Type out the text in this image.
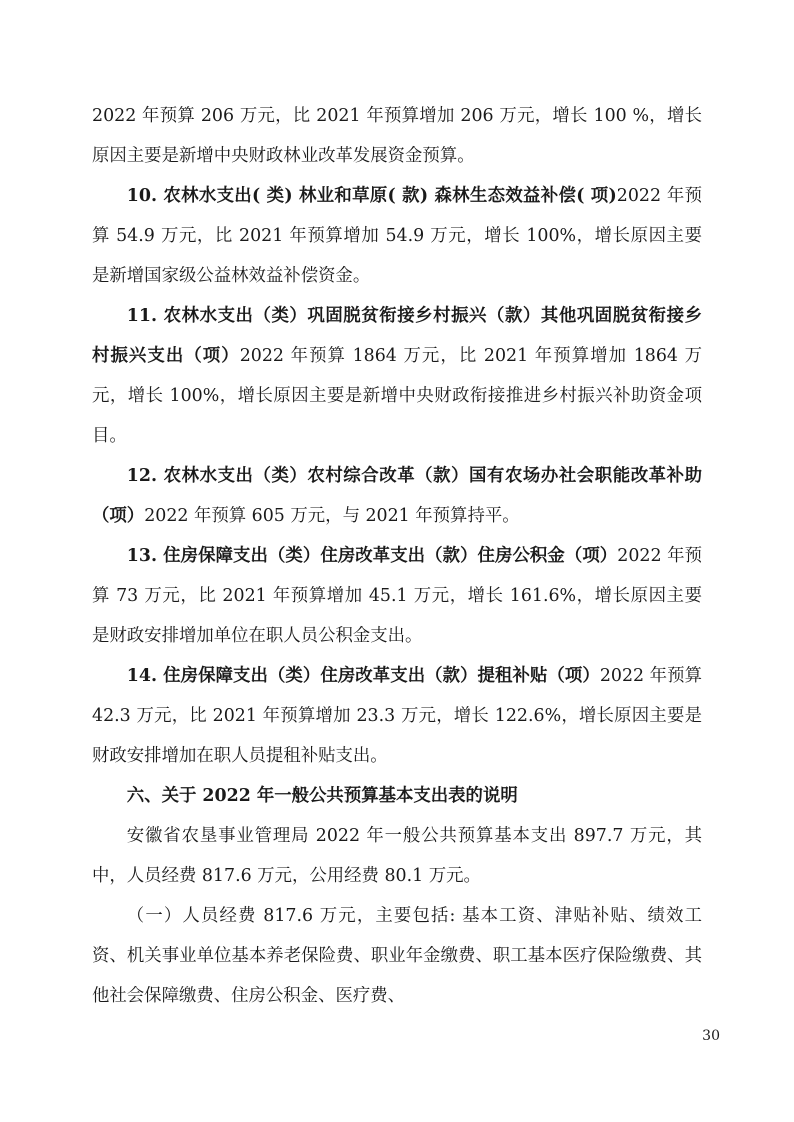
2022 年预算 206 万元，比 2021 年预算增加 206 万元，增长 100 %，增长原因主要是新增中央财政林业改革发展资金预算。

10. 农林水支出( 类) 林业和草原( 款) 森林生态效益补偿( 项)2022 年预算 54.9 万元，比 2021 年预算增加 54.9 万元，增长 100%，增长原因主要是新增国家级公益林效益补偿资金。

11. 农林水支出（类）巩固脱贫衔接乡村振兴（款）其他巩固脱贫衔接乡村振兴支出（项）2022 年预算 1864 万元，比 2021 年预算增加 1864 万元，增长 100%，增长原因主要是新增中央财政衔接推进乡村振兴补助资金项目。

12. 农林水支出（类）农村综合改革（款）国有农场办社会职能改革补助（项）2022 年预算 605 万元，与 2021 年预算持平。

13. 住房保障支出（类）住房改革支出（款）住房公积金（项）2022 年预算 73 万元，比 2021 年预算增加 45.1 万元，增长 161.6%，增长原因主要是财政安排增加单位在职人员公积金支出。

14. 住房保障支出（类）住房改革支出（款）提租补贴（项）2022 年预算 42.3 万元，比 2021 年预算增加 23.3 万元，增长 122.6%，增长原因主要是财政安排增加在职人员提租补贴支出。

六、关于 2022 年一般公共预算基本支出表的说明

安徽省农垦事业管理局 2022 年一般公共预算基本支出 897.7 万元，其中，人员经费 817.6 万元，公用经费 80.1 万元。

（一）人员经费 817.6 万元，主要包括: 基本工资、津贴补贴、绩效工资、机关事业单位基本养老保险费、职业年金缴费、职工基本医疗保险缴费、其他社会保障缴费、住房公积金、医疗费、

30
